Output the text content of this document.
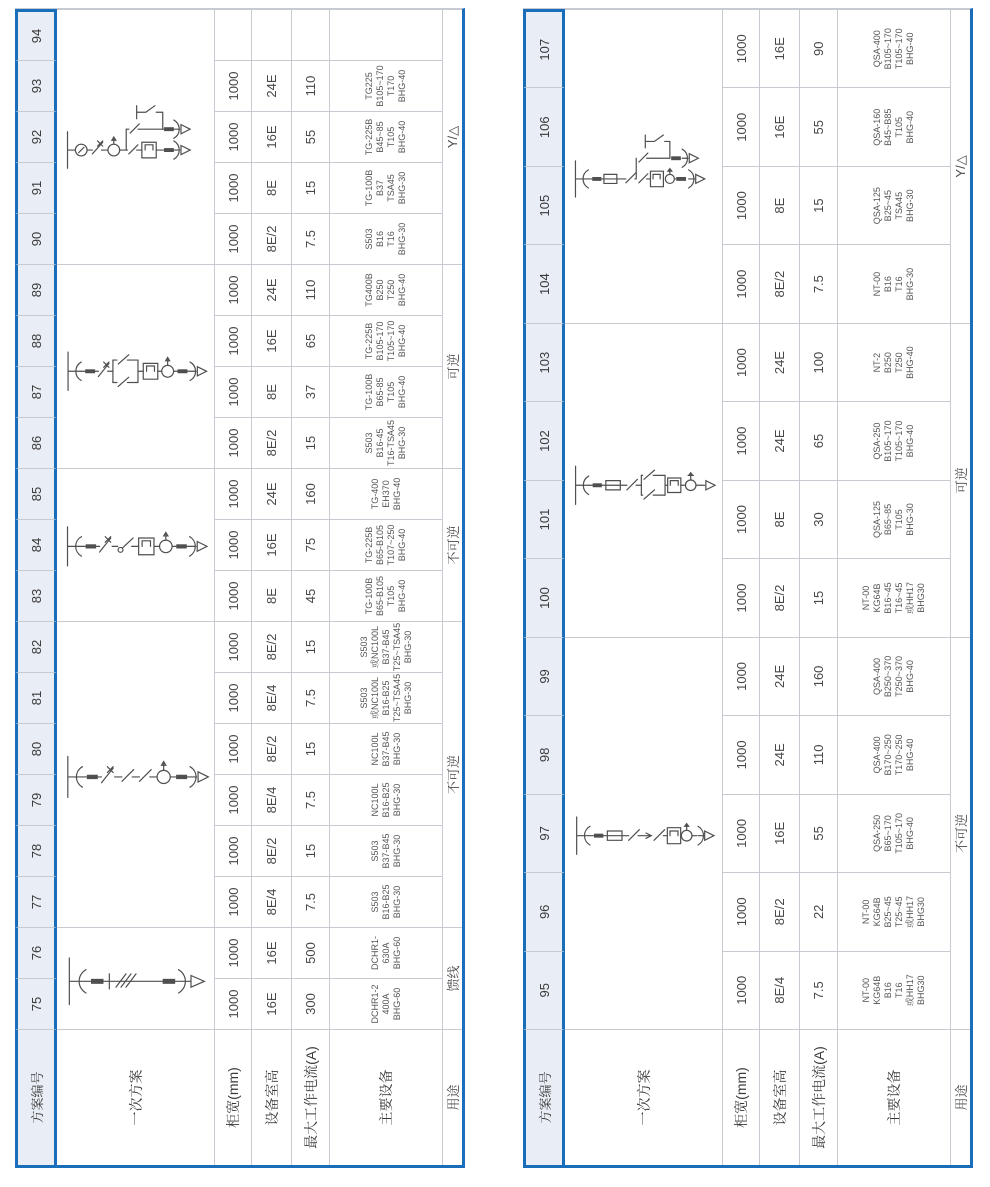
方案编号
75
76
77
78
79
80
81
82
83
84
85
86
87
88
89
90
91
92
93
94
一次方案	柜宽(mm)
1000
1000
1000
1000
1000
1000
1000
1000
1000
1000
1000
1000
1000
1000
1000
1000
1000
1000
1000
设备室高
16E
16E
8E/4
8E/2
8E/4
8E/2
8E/4
8E/2
8E
16E
24E
8E/2
8E
16E
24E
8E/2
8E
16E
24E
最大工作电流(A)
300
500
7.5
15
7.5
15
7.5
15
45
75
160
15
37
65
110
7.5
15
55
110
主要设备
DCHR1-2
400A
BHG-60
DCHR1-
630A
BHG-60
S503
B16-B25
BHG-30
S503
B37-B45
BHG-30
NC100L
B16-B25
BHG-30
NC100L
B37-B45
BHG-30
S503
或NC100L
B16-B25
T25~TSA45
BHG-30
S503
或NC100L
B37-B45
T25~TSA45
BHG-30
TG-100B
B65-B105
T105
BHG-40
TG-225B
B65-B105
T107~250
BHG-40
TG-400
EH370
BHG-40
S503
B16-45
T16-TSA45
BHG-30
TG-100B
B65-85
T105
BHG-40
TG-225B
B105-170
T105~170
BHG-40
TG400B
B250
T250
BHG-40
S503
B16
T16
BHG-30
TG-100B
B37
TSA45
BHG-30
TG-225B
B45~85
T105
BHG-40
TG225
B105~170
T170
BHG-40
用途
馈线
不可逆
不可逆
可逆
Y/△
方案编号
95
96
97
98
99
100
101
102
103
104
105
106
107
一次方案	柜宽(mm)
1000
1000
1000
1000
1000
1000
1000
1000
1000
1000
1000
1000
1000
设备室高
8E/4
8E/2
16E
24E
24E
8E/2
8E
24E
24E
8E/2
8E
16E
16E
最大工作电流(A)
7.5
22
55
110
160
15
30
65
100
7.5
15
55
90
主要设备
NT-00
KG64B
B16
T16
或HH17
BHG30
NT-00
KG64B
B25~45
T25~45
或HH17
BHG30
QSA-250
B65~170
T105~170
BHG-40
QSA-400
B170~250
T170~250
BHG-40
QSA-400
B250~370
T250~370
BHG-40
NT-00
KG64B
B16~45
T16~45
或HH17
BHG30
QSA-125
B65~85
T105
BHG-30
QSA-250
B105~170
T105~170
BHG-40
NT-2
B250
T250
BHG-40
NT-00
B16
T16
BHG-30
QSA-125
B25~45
TSA45
BHG-30
QSA-160
B45~B85
T105
BHG-40
QSA-400
B105~170
T105~170
BHG-40
用途
不可逆
可逆
Y/△
